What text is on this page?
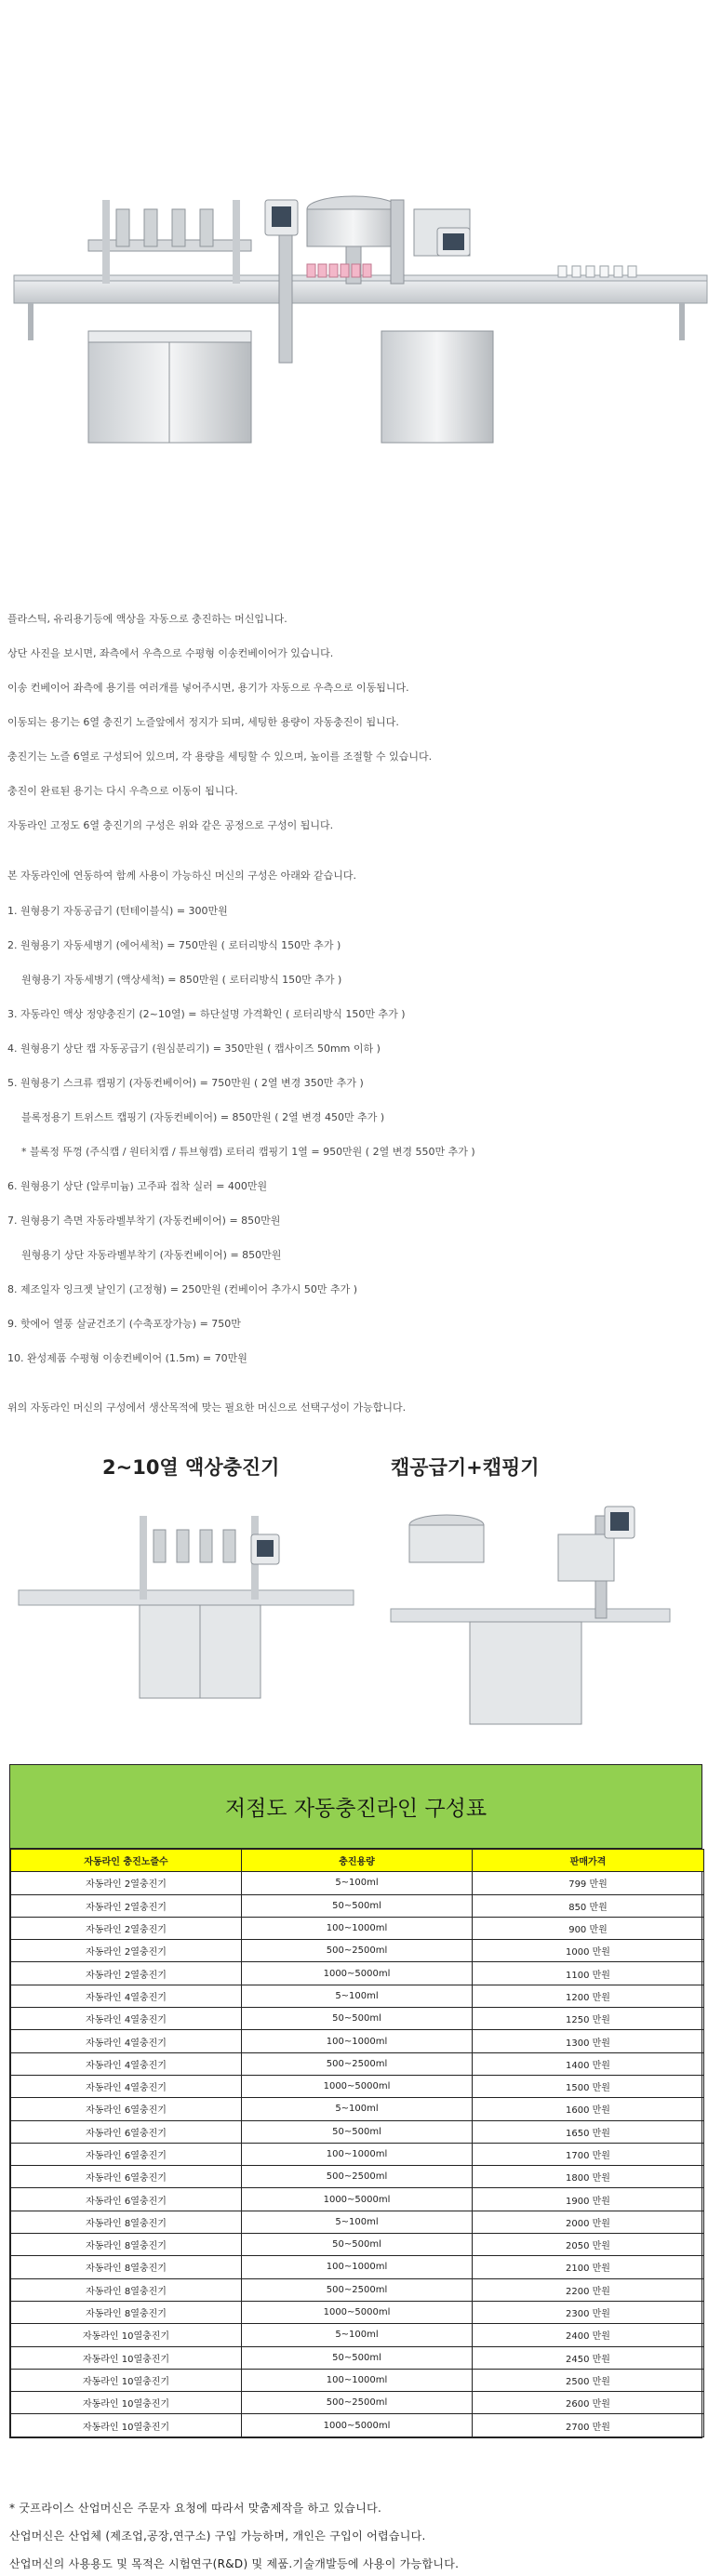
플라스틱, 유리용기등에 액상을 자동으로 충진하는 머신입니다.

상단 사진을 보시면, 좌측에서 우측으로 수평형 이송컨베이어가 있습니다.

이송 컨베이어 좌측에 용기를 여러개를 넣어주시면, 용기가 자동으로 우측으로 이동됩니다.

이동되는 용기는 6열 충진기 노즐앞에서 정지가 되며, 세팅한 용량이 자동충진이 됩니다.

충진기는 노즐 6열로 구성되어 있으며, 각 용량을 세팅할 수 있으며, 높이를 조절할 수 있습니다.

충진이 완료된 용기는 다시 우측으로 이동이 됩니다.

자동라인 고정도 6열 충진기의 구성은 위와 같은 공정으로 구성이 됩니다.

본 자동라인에 연동하여 함께 사용이 가능하신 머신의 구성은 아래와 같습니다.

1. 원형용기 자동공급기 (턴테이블식) = 300만원

2. 원형용기 자동세병기 (에어세척) = 750만원 ( 로터리방식 150만 추가 )

원형용기 자동세병기 (액상세척) = 850만원 ( 로터리방식 150만 추가 )

3. 자동라인 액상 정양충진기 (2~10열) = 하단설명 가격확인 ( 로터리방식 150만 추가 )

4. 원형용기 상단 캡 자동공급기 (원심분리기) = 350만원 ( 캡사이즈 50mm 이하 )

5. 원형용기 스크류 캡핑기 (자동컨베이어) = 750만원 ( 2열 변경 350만 추가 )

블록정용기 트위스트 캡핑기 (자동컨베이어) = 850만원 ( 2열 변경 450만 추가 )

* 블록정 뚜껑 (주식캡 / 원터치캡 / 튜브형캡) 로터리 캡핑기 1열 = 950만원 ( 2열 변경 550만 추가 )

6. 원형용기 상단 (알루미늄) 고주파 접착 실러 = 400만원

7. 원형용기 측면 자동라벨부착기 (자동컨베이어) = 850만원

원형용기 상단 자동라벨부착기 (자동컨베이어) = 850만원

8. 제조일자 잉크젯 날인기 (고정형) = 250만원 (컨베이어 추가시 50만 추가 )

9. 핫에어 열풍 살균건조기 (수축포장가능) = 750만

10. 완성제품 수평형 이송컨베이어 (1.5m) = 70만원

위의 자동라인 머신의 구성에서 생산목적에 맞는 필요한 머신으로 선택구성이 가능합니다.

2~10열 액상충진기	캡공급기+캡핑기
저점도 자동충진라인 구성표
자동라인 충진노즐수	충진용량	판매가격
자동라인 2열충진기	5~100ml	799 만원
자동라인 2열충진기	50~500ml	850 만원
자동라인 2열충진기	100~1000ml	900 만원
자동라인 2열충진기	500~2500ml	1000 만원
자동라인 2열충진기	1000~5000ml	1100 만원
자동라인 4열충진기	5~100ml	1200 만원
자동라인 4열충진기	50~500ml	1250 만원
자동라인 4열충진기	100~1000ml	1300 만원
자동라인 4열충진기	500~2500ml	1400 만원
자동라인 4열충진기	1000~5000ml	1500 만원
자동라인 6열충진기	5~100ml	1600 만원
자동라인 6열충진기	50~500ml	1650 만원
자동라인 6열충진기	100~1000ml	1700 만원
자동라인 6열충진기	500~2500ml	1800 만원
자동라인 6열충진기	1000~5000ml	1900 만원
자동라인 8열충진기	5~100ml	2000 만원
자동라인 8열충진기	50~500ml	2050 만원
자동라인 8열충진기	100~1000ml	2100 만원
자동라인 8열충진기	500~2500ml	2200 만원
자동라인 8열충진기	1000~5000ml	2300 만원
자동라인 10열충진기	5~100ml	2400 만원
자동라인 10열충진기	50~500ml	2450 만원
자동라인 10열충진기	100~1000ml	2500 만원
자동라인 10열충진기	500~2500ml	2600 만원
자동라인 10열충진기	1000~5000ml	2700 만원

* 굿프라이스 산업머신은 주문자 요청에 따라서 맞춤제작을 하고 있습니다.

산업머신은 산업체 (제조업,공장,연구소) 구입 가능하며, 개인은 구입이 어렵습니다.

산업머신의 사용용도 및 목적은 시험연구(R&D) 및 제품.기술개발등에 사용이 가능합니다.
